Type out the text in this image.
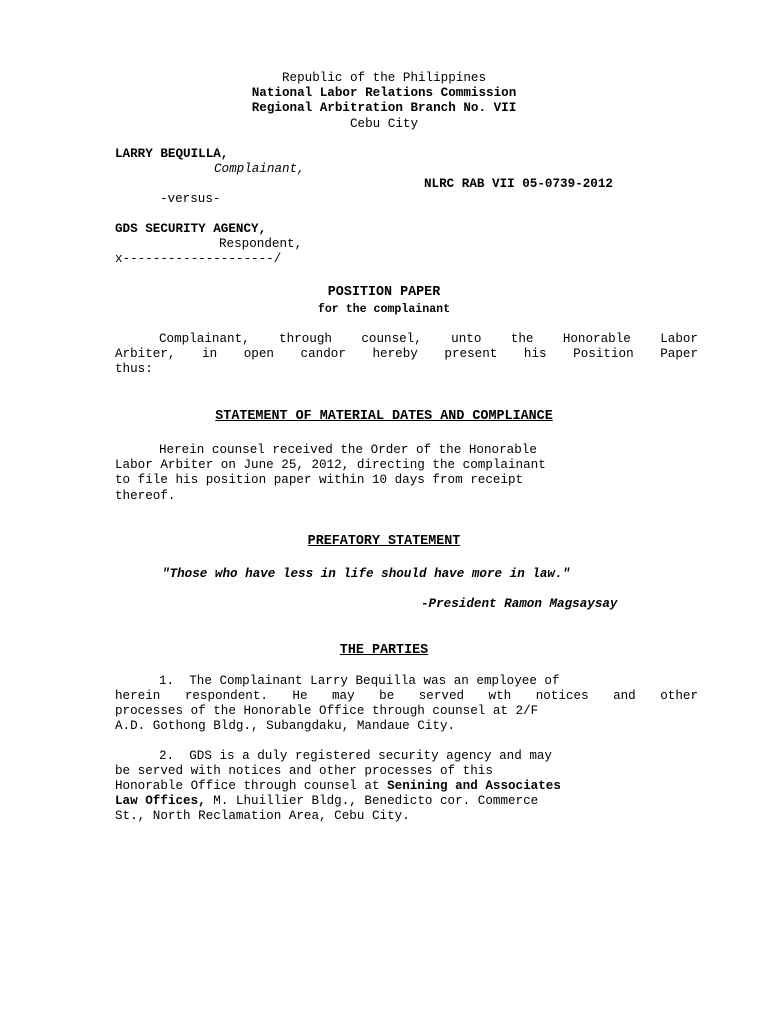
Republic of the Philippines
National Labor Relations Commission
Regional Arbitration Branch No. VII
Cebu City
LARRY BEQUILLA,
Complainant,
NLRC RAB VII 05-0739-2012
-versus-
GDS SECURITY AGENCY,
Respondent,
x--------------------/
POSITION PAPER
for the complainant
Complainant, through counsel, unto the Honorable Labor
Arbiter, in open candor hereby present his Position Paper
thus:
STATEMENT OF MATERIAL DATES AND COMPLIANCE
Herein counsel received the Order of the Honorable
Labor Arbiter on June 25, 2012, directing the complainant
to file his position paper within 10 days from receipt
thereof.
PREFATORY STATEMENT
"Those who have less in life should have more in law."
-President Ramon Magsaysay
THE PARTIES
1.  The Complainant Larry Bequilla was an employee of
herein respondent. He may be served wth notices and other
processes of the Honorable Office through counsel at 2/F
A.D. Gothong Bldg., Subangdaku, Mandaue City.
2.  GDS is a duly registered security agency and may
be served with notices and other processes of this
Honorable Office through counsel at Senining and Associates
Law Offices, M. Lhuillier Bldg., Benedicto cor. Commerce
St., North Reclamation Area, Cebu City.
